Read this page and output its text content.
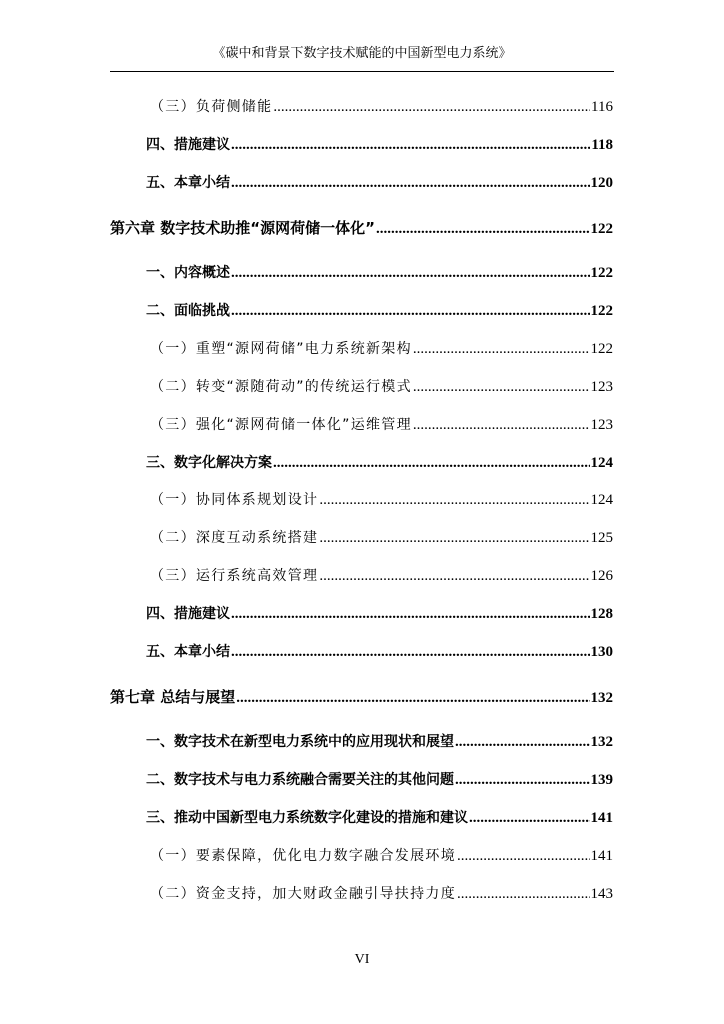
《碳中和背景下数字技术赋能的中国新型电力系统》
（三）负荷侧储能 .....	116
四、措施建议 .....	118
五、本章小结 .....	120
第六章 数字技术助推“源网荷储一体化” .....	122
一、内容概述 .....	122
二、面临挑战 .....	122
（一）重塑“源网荷储”电力系统新架构 .....	122
（二）转变“源随荷动”的传统运行模式 .....	123
（三）强化“源网荷储一体化”运维管理 .....	123
三、数字化解决方案 .....	124
（一）协同体系规划设计 .....	124
（二）深度互动系统搭建 .....	125
（三）运行系统高效管理 .....	126
四、措施建议 .....	128
五、本章小结 .....	130
第七章 总结与展望 .....	132
一、数字技术在新型电力系统中的应用现状和展望 .....	132
二、数字技术与电力系统融合需要关注的其他问题 .....	139
三、推动中国新型电力系统数字化建设的措施和建议 .....	141
（一）要素保障，优化电力数字融合发展环境 .....	141
（二）资金支持，加大财政金融引导扶持力度 .....	143
VI
